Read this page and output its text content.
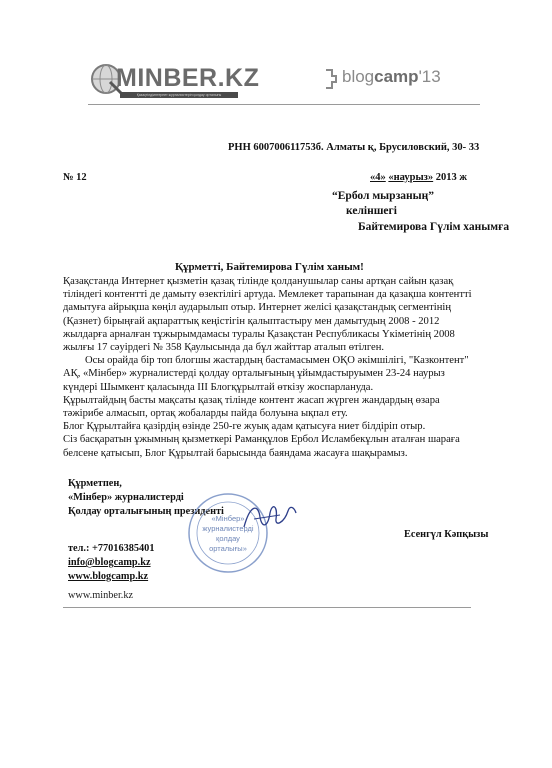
MINBER.KZ
Қазақтілдіинтернет журналистерін қолдау орталығы
blogcamp'13
РНН 600700611753б. Алматы қ, Брусиловский, 30- 33
№ 12	«4» «наурыз» 2013 ж
“Ербол мырзаның”
келіншегі
Байтемирова Гүлім ханымға
Құрметті, Байтемирова Гүлім ханым!

Қазақстанда Интернет қызметін қазақ тілінде қолданушылар саны артқан сайын қазақ

тіліндегі контенттi де дамыту өзектілігі артуда. Мемлекет тарапынан да қазақша контентті

дамытуға айрықша көңіл аударылып отыр. Интернет желісі қазақстандық сегментінің

(Қазнет) бірыңғай ақпараттық кеңістігін қалыптастыру мен дамытудың 2008 - 2012

жылдарға арналған тұжырымдамасы туралы Қазақстан Республикасы Үкіметінің 2008

жылғы 17 сәуірдегі № 358 Қаулысында да бұл жайттар аталып өтілген.

Осы орайда бір топ блогшы жастардың бастамасымен ОҚО әкімшілігі, "Казконтент"

АҚ, «Мінбер» журналистерді қолдау орталығының ұйымдастыруымен 23-24 наурыз

күндері Шымкент қаласында ІІІ Блогқұрылтай өткізу жоспарлануда.

Құрылтайдың басты мақсаты қазақ тілінде контент жасап жүрген жандардың өзара

тәжірибе алмасып, ортақ жобаларды пайда болуына ықпал ету.

Блог Құрылтайға қазірдің өзінде 250-ге жуық адам қатысуға ниет білдіріп отыр.

Сіз басқаратын ұжымның қызметкері Раманқұлов Ербол Исламбекұлын аталған шараға

белсене қатысып, Блог Құрылтай барысында баяндама жасауға шақырамыз.

Құрметпен,
«Мінбер» журналистерді
Қолдау орталығының президенті
«Мінбер»
журналистерді
қолдау
орталығы»
Есенгүл Кәпқызы
тел.: +77016385401
info@blogcamp.kz
www.blogcamp.kz
www.minber.kz
